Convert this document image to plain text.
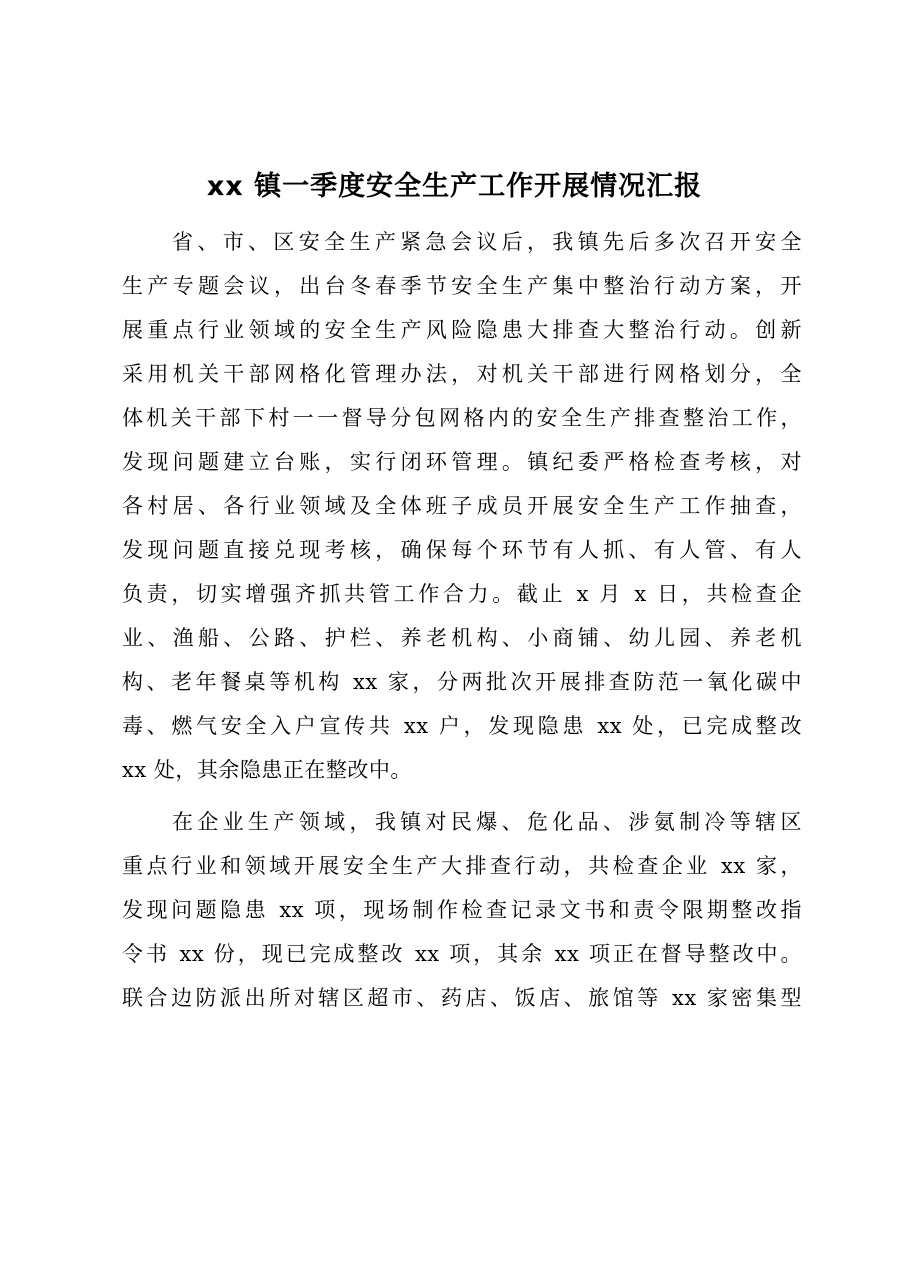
xx 镇一季度安全生产工作开展情况汇报
省、市、区安全生产紧急会议后，我镇先后多次召开安全
生产专题会议，出台冬春季节安全生产集中整治行动方案，开
展重点行业领域的安全生产风险隐患大排查大整治行动。创新
采用机关干部网格化管理办法，对机关干部进行网格划分，全
体机关干部下村一一督导分包网格内的安全生产排查整治工作，
发现问题建立台账，实行闭环管理。镇纪委严格检查考核，对
各村居、各行业领域及全体班子成员开展安全生产工作抽查，
发现问题直接兑现考核，确保每个环节有人抓、有人管、有人
负责，切实增强齐抓共管工作合力。截止 x 月 x 日，共检查企
业、渔船、公路、护栏、养老机构、小商铺、幼儿园、养老机
构、老年餐桌等机构 xx 家，分两批次开展排查防范一氧化碳中
毒、燃气安全入户宣传共 xx 户，发现隐患 xx 处，已完成整改
xx 处，其余隐患正在整改中。
在企业生产领域，我镇对民爆、危化品、涉氨制冷等辖区
重点行业和领域开展安全生产大排查行动，共检查企业 xx 家，
发现问题隐患 xx 项，现场制作检查记录文书和责令限期整改指
令书 xx 份，现已完成整改 xx 项，其余 xx 项正在督导整改中。
联合边防派出所对辖区超市、药店、饭店、旅馆等 xx 家密集型
